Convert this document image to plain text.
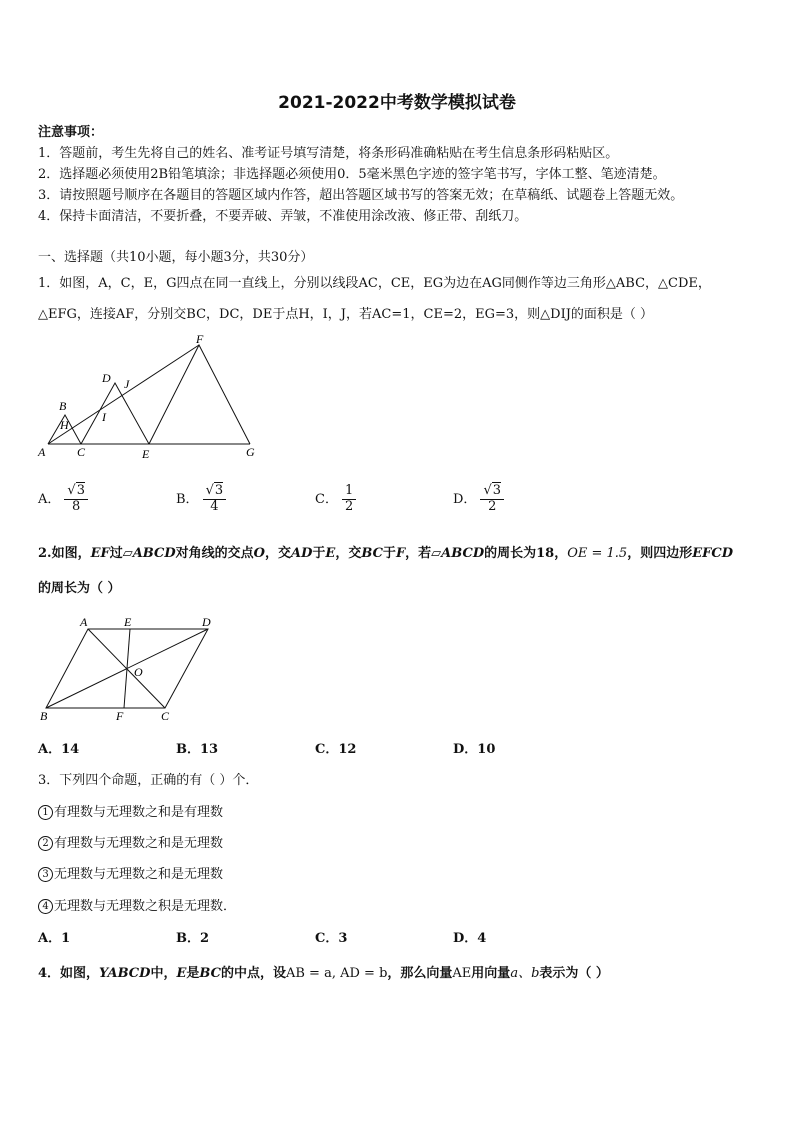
2021-2022中考数学模拟试卷
注意事项：
1．答题前，考生先将自己的姓名、准考证号填写清楚，将条形码准确粘贴在考生信息条形码粘贴区。
2．选择题必须使用2B铅笔填涂；非选择题必须使用0．5毫米黑色字迹的签字笔书写，字体工整、笔迹清楚。
3．请按照题号顺序在各题目的答题区域内作答，超出答题区域书写的答案无效；在草稿纸、试题卷上答题无效。
4．保持卡面清洁，不要折叠，不要弄破、弄皱，不准使用涂改液、修正带、刮纸刀。
一、选择题（共10小题，每小题3分，共30分）
1．如图，A，C，E，G四点在同一直线上，分别以线段AC，CE，EG为边在AG同侧作等边三角形△ABC，△CDE，
△EFG，连接AF，分别交BC，DC，DE于点H，I，J，若AC=1，CE=2，EG=3，则△DIJ的面积是（ ）
A	C	E	G
B
H
D
I
J
F
A． $\frac{√3}{8}$	B． $\frac{√3}{4}$	C． $\frac{1}{2}$	D． $\frac{√3}{2}$
2.如图，EF过▱ABCD对角线的交点O，交AD于E，交BC于F，若▱ABCD的周长为18，OE = 1.5，则四边形EFCD
的周长为（ ）
A	E	D
O
B	F	C
A．14	B．13	C．12	D．10
3．下列四个命题，正确的有（ ）个．
1 有理数与无理数之和是有理数
2 有理数与无理数之和是无理数
3 无理数与无理数之和是无理数
4 无理数与无理数之积是无理数．
A．1	B．2	C．3	D．4
4．如图，YABCD中，E是BC的中点，设AB = a, AD = b，那么向量AE用向量a、b表示为（ ）
